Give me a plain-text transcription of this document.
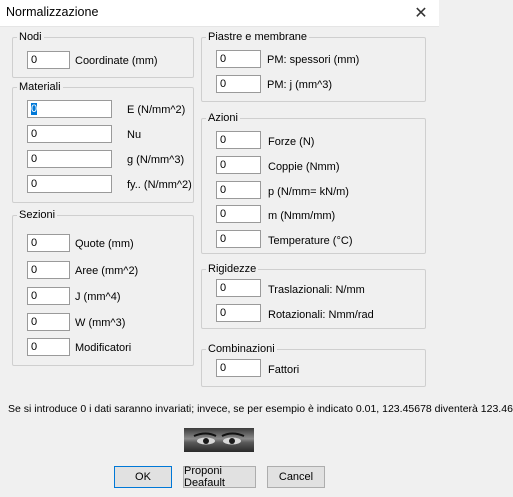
Normalizzazione	✕
Nodi
0	Coordinate (mm)
Materiali
0	E (N/mm^2)
0	Nu
0	g (N/mm^3)
0	fy.. (N/mm^2)
Sezioni
0	Quote (mm)
0	Aree (mm^2)
0	J (mm^4)
0	W (mm^3)
0	Modificatori
Piastre e membrane
0	PM: spessori (mm)
0	PM: j (mm^3)
Azioni
0	Forze (N)
0	Coppie (Nmm)
0	p (N/mm= kN/m)
0	m (Nmm/mm)
0	Temperature (°C)
Rigidezze
0	Traslazionali: N/mm
0	Rotazionali: Nmm/rad
Combinazioni
0	Fattori
Se si introduce 0 i dati saranno invariati; invece, se per esempio è indicato 0.01, 123.45678 diventerà 123.46
OK	Proponi Deafault	Cancel
